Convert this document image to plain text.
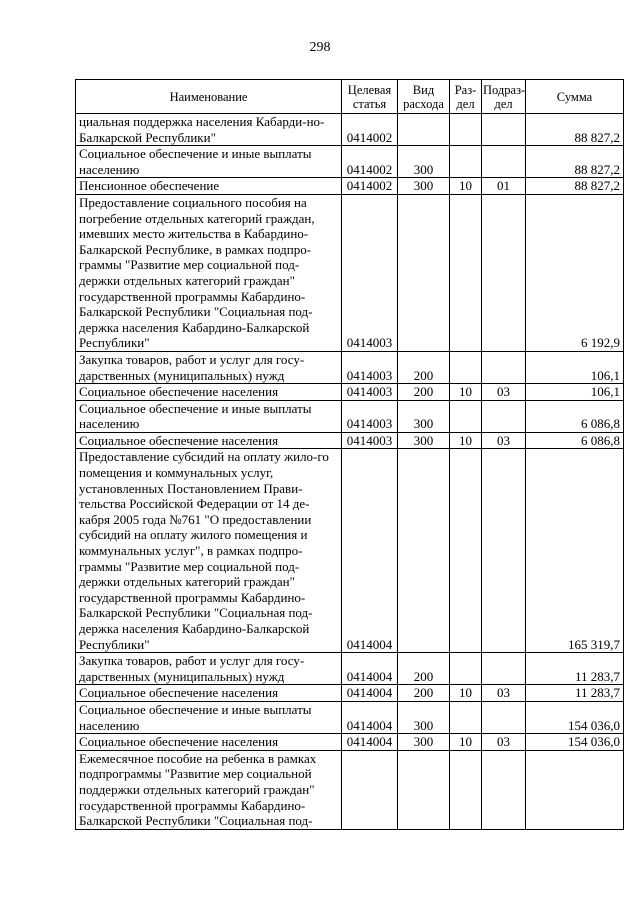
298
Наименование	Целевая статья	Вид расхода	Раз-дел	Подраз-дел	Сумма
циальная поддержка населения Кабарди-но-Балкарской Республики"	0414002				88 827,2
Социальное обеспечение и иные выплаты населению	0414002	300			88 827,2
Пенсионное обеспечение	0414002	300	10	01	88 827,2
Предоставление социального пособия на погребение отдельных категорий граждан, имевших место жительства в Кабардино-Балкарской Республике, в рамках подпро-граммы "Развитие мер социальной под-держки отдельных категорий граждан" государственной программы Кабардино-Балкарской Республики "Социальная под-держка населения Кабардино-Балкарской Республики"	0414003				6 192,9
Закупка товаров, работ и услуг для госу-дарственных (муниципальных) нужд	0414003	200			106,1
Социальное обеспечение населения	0414003	200	10	03	106,1
Социальное обеспечение и иные выплаты населению	0414003	300			6 086,8
Социальное обеспечение населения	0414003	300	10	03	6 086,8
Предоставление субсидий на оплату жило-го помещения и коммунальных услуг, установленных Постановлением Прави-тельства Российской Федерации от 14 де-кабря 2005 года №761 "О предоставлении субсидий на оплату жилого помещения и коммунальных услуг", в рамках подпро-граммы "Развитие мер социальной под-держки отдельных категорий граждан" государственной программы Кабардино-Балкарской Республики "Социальная под-держка населения Кабардино-Балкарской Республики"	0414004				165 319,7
Закупка товаров, работ и услуг для госу-дарственных (муниципальных) нужд	0414004	200			11 283,7
Социальное обеспечение населения	0414004	200	10	03	11 283,7
Социальное обеспечение и иные выплаты населению	0414004	300			154 036,0
Социальное обеспечение населения	0414004	300	10	03	154 036,0
Ежемесячное пособие на ребенка в рамках подпрограммы "Развитие мер социальной поддержки отдельных категорий граждан" государственной программы Кабардино-Балкарской Республики "Социальная под-					
